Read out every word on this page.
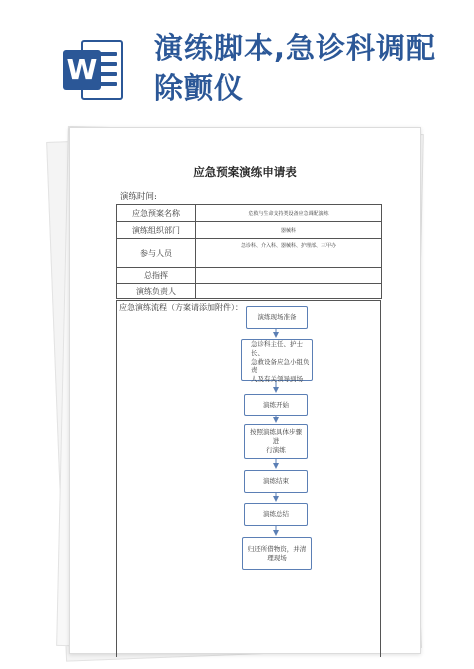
W
演练脚本,急诊科调配除颤仪
应急预案演练申请表
演练时间:
应急预案名称	危救与生命支持类设备应急调配演练
演练组织部门	器械科
参与人员	急诊科、介入科、器械科、护理部、三甲办
总指挥	
演练负责人	
应急演练流程（方案请添加附件）：
演练现场准备
急诊科主任、护士长、
急救设备应急小组负责
人及有关领导到场
演练开始
按照演练具体步骤进
行演练
演练结束
演练总结
归还所借物资，并清
理现场
